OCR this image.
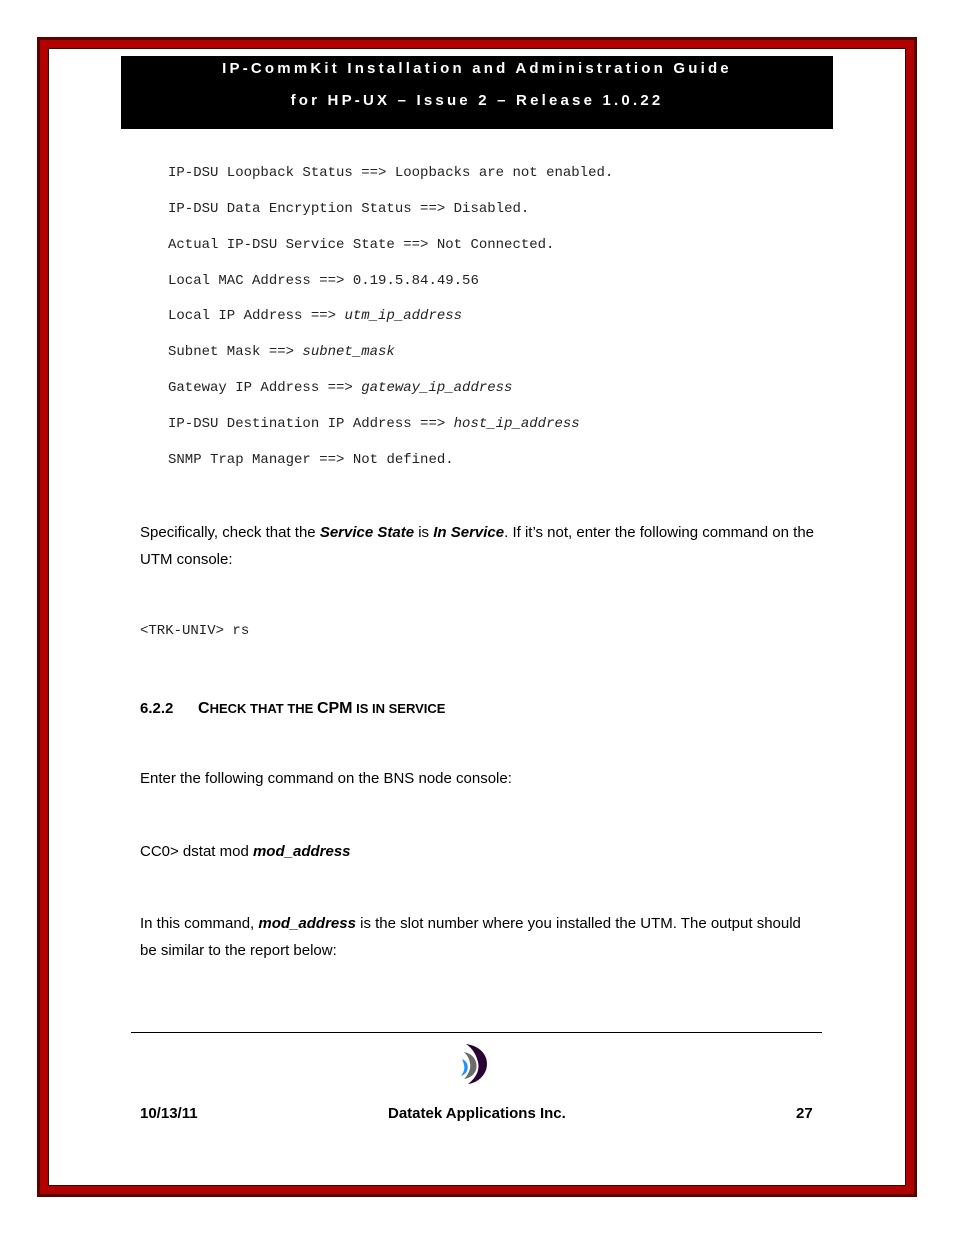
IP-CommKit Installation and Administration Guide
for HP-UX – Issue 2 – Release 1.0.22
IP-DSU Loopback Status ==> Loopbacks are not enabled.
IP-DSU Data Encryption Status ==> Disabled.
Actual IP-DSU Service State ==> Not Connected.
Local MAC Address ==> 0.19.5.84.49.56
Local IP Address ==> utm_ip_address
Subnet Mask ==> subnet_mask
Gateway IP Address ==> gateway_ip_address
IP-DSU Destination IP Address ==> host_ip_address
SNMP Trap Manager ==> Not defined.
Specifically, check that the Service State is In Service. If it’s not, enter the following command on the UTM console:
<TRK-UNIV> rs
6.2.2 CHECK THAT THE CPM IS IN SERVICE
Enter the following command on the BNS node console:
CC0> dstat mod mod_address
In this command, mod_address is the slot number where you installed the UTM. The output should be similar to the report below:
10/13/11	Datatek Applications Inc.	27
